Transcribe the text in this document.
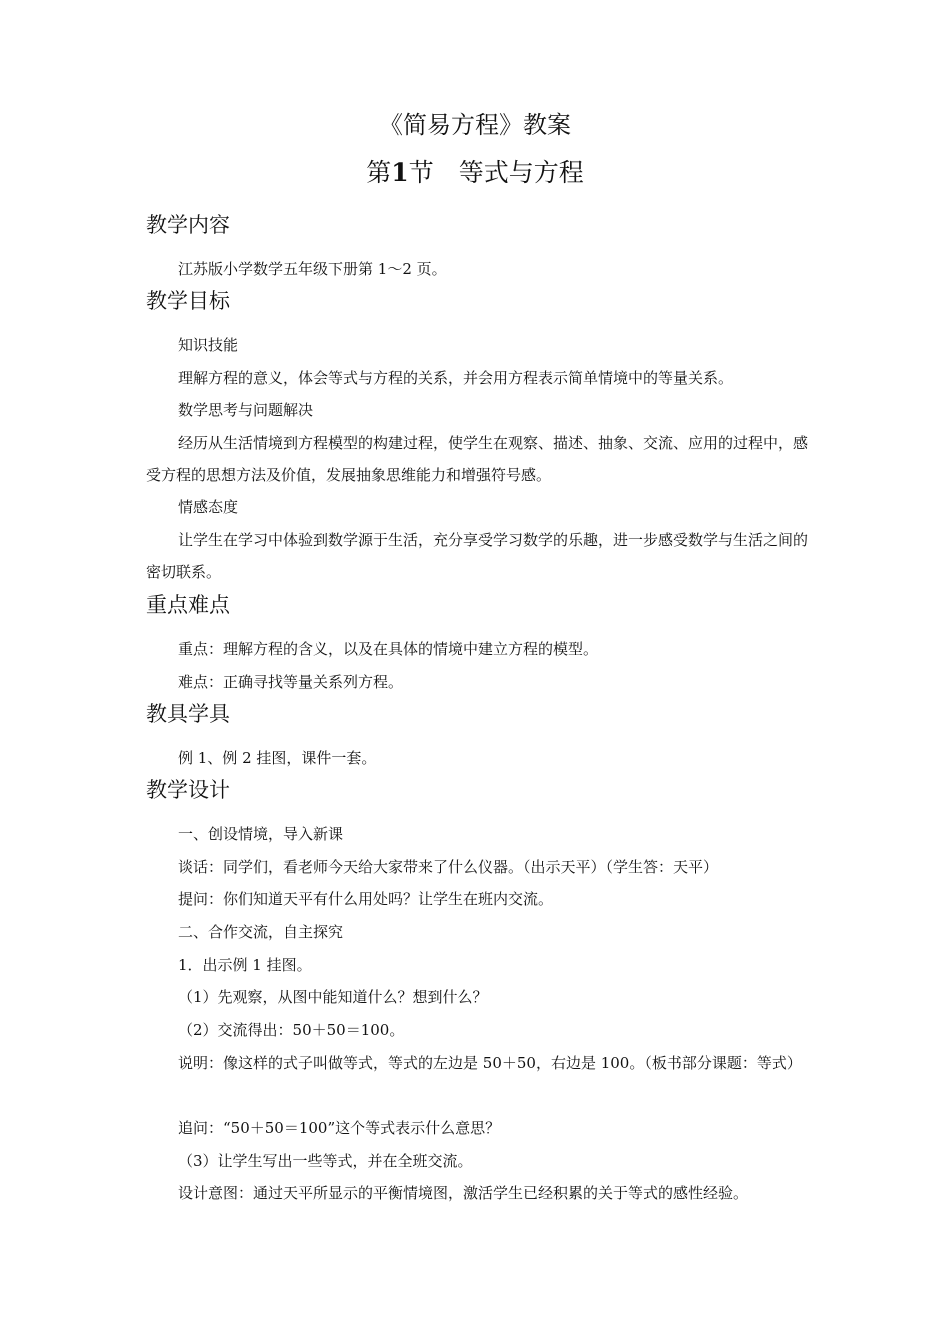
《简易方程》教案
第1节　等式与方程
教学内容
江苏版小学数学五年级下册第 1～2 页。
教学目标
知识技能
理解方程的意义，体会等式与方程的关系，并会用方程表示简单情境中的等量关系。
数学思考与问题解决
经历从生活情境到方程模型的构建过程，使学生在观察、描述、抽象、交流、应用的过程中，感受方程的思想方法及价值，发展抽象思维能力和增强符号感。
情感态度
让学生在学习中体验到数学源于生活，充分享受学习数学的乐趣，进一步感受数学与生活之间的密切联系。
重点难点
重点：理解方程的含义，以及在具体的情境中建立方程的模型。
难点：正确寻找等量关系列方程。
教具学具
例 1、例 2 挂图，课件一套。
教学设计
一、创设情境，导入新课
谈话：同学们，看老师今天给大家带来了什么仪器。（出示天平）（学生答：天平）
提问：你们知道天平有什么用处吗？让学生在班内交流。
二、合作交流，自主探究
1．出示例 1 挂图。
（1）先观察，从图中能知道什么？想到什么？
（2）交流得出：50＋50＝100。
说明：像这样的式子叫做等式，等式的左边是 50＋50，右边是 100。（板书部分课题：等式）
追问：“50＋50＝100”这个等式表示什么意思？
（3）让学生写出一些等式，并在全班交流。
设计意图：通过天平所显示的平衡情境图，激活学生已经积累的关于等式的感性经验。
